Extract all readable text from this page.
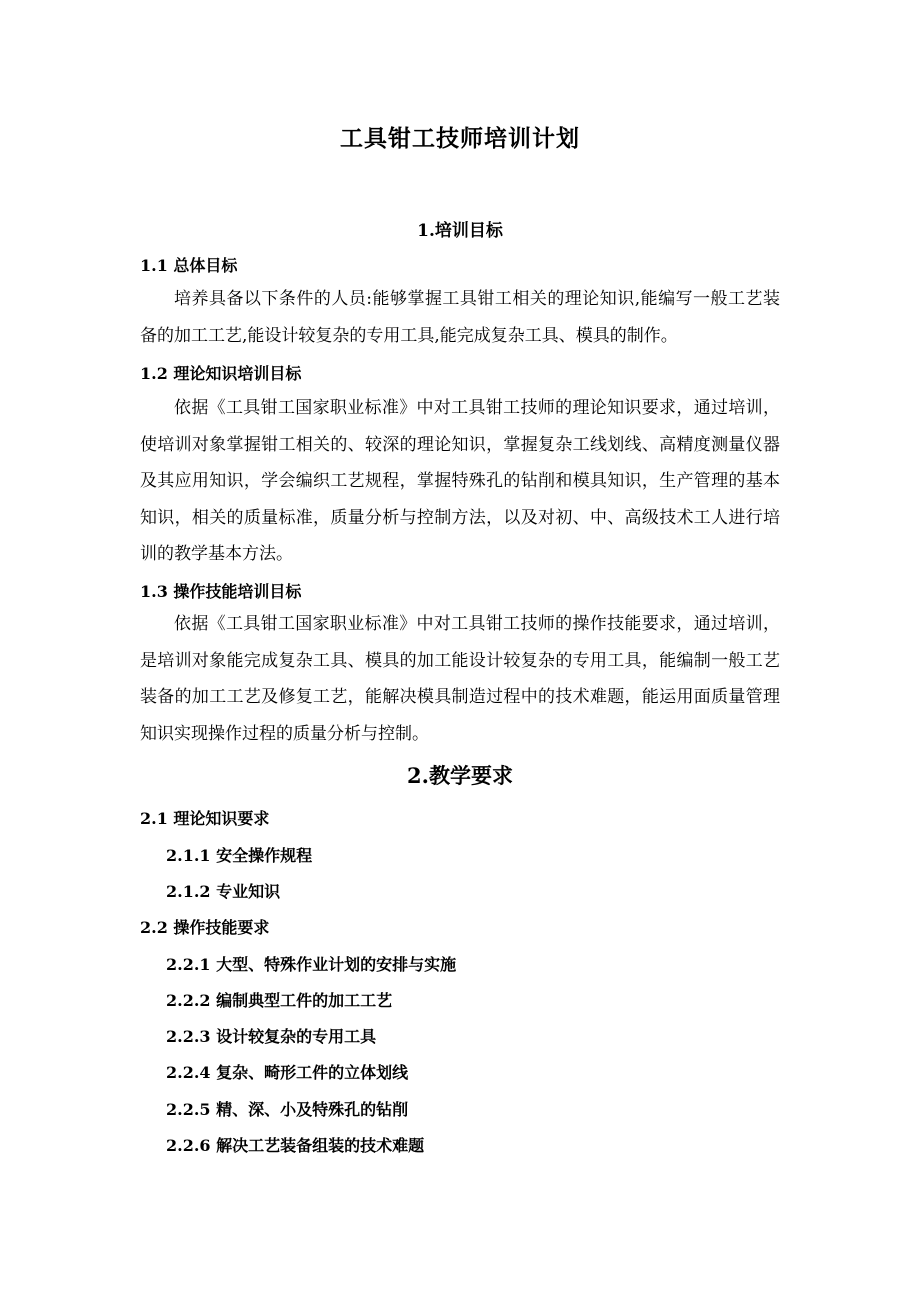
工具钳工技师培训计划
1.培训目标
1.1 总体目标

培养具备以下条件的人员:能够掌握工具钳工相关的理论知识,能编写一般工艺装备的加工工艺,能设计较复杂的专用工具,能完成复杂工具、模具的制作。

1.2 理论知识培训目标

依据《工具钳工国家职业标准》中对工具钳工技师的理论知识要求，通过培训，使培训对象掌握钳工相关的、较深的理论知识，掌握复杂工线划线、高精度测量仪器及其应用知识，学会编织工艺规程，掌握特殊孔的钻削和模具知识，生产管理的基本知识，相关的质量标准，质量分析与控制方法，以及对初、中、高级技术工人进行培训的教学基本方法。

1.3 操作技能培训目标

依据《工具钳工国家职业标准》中对工具钳工技师的操作技能要求，通过培训，是培训对象能完成复杂工具、模具的加工能设计较复杂的专用工具，能编制一般工艺装备的加工工艺及修复工艺，能解决模具制造过程中的技术难题，能运用面质量管理知识实现操作过程的质量分析与控制。

2.教学要求
2.1 理论知识要求
2.1.1 安全操作规程
2.1.2 专业知识
2.2 操作技能要求
2.2.1 大型、特殊作业计划的安排与实施
2.2.2 编制典型工件的加工工艺
2.2.3 设计较复杂的专用工具
2.2.4 复杂、畸形工件的立体划线
2.2.5 精、深、小及特殊孔的钻削
2.2.6 解决工艺装备组装的技术难题
